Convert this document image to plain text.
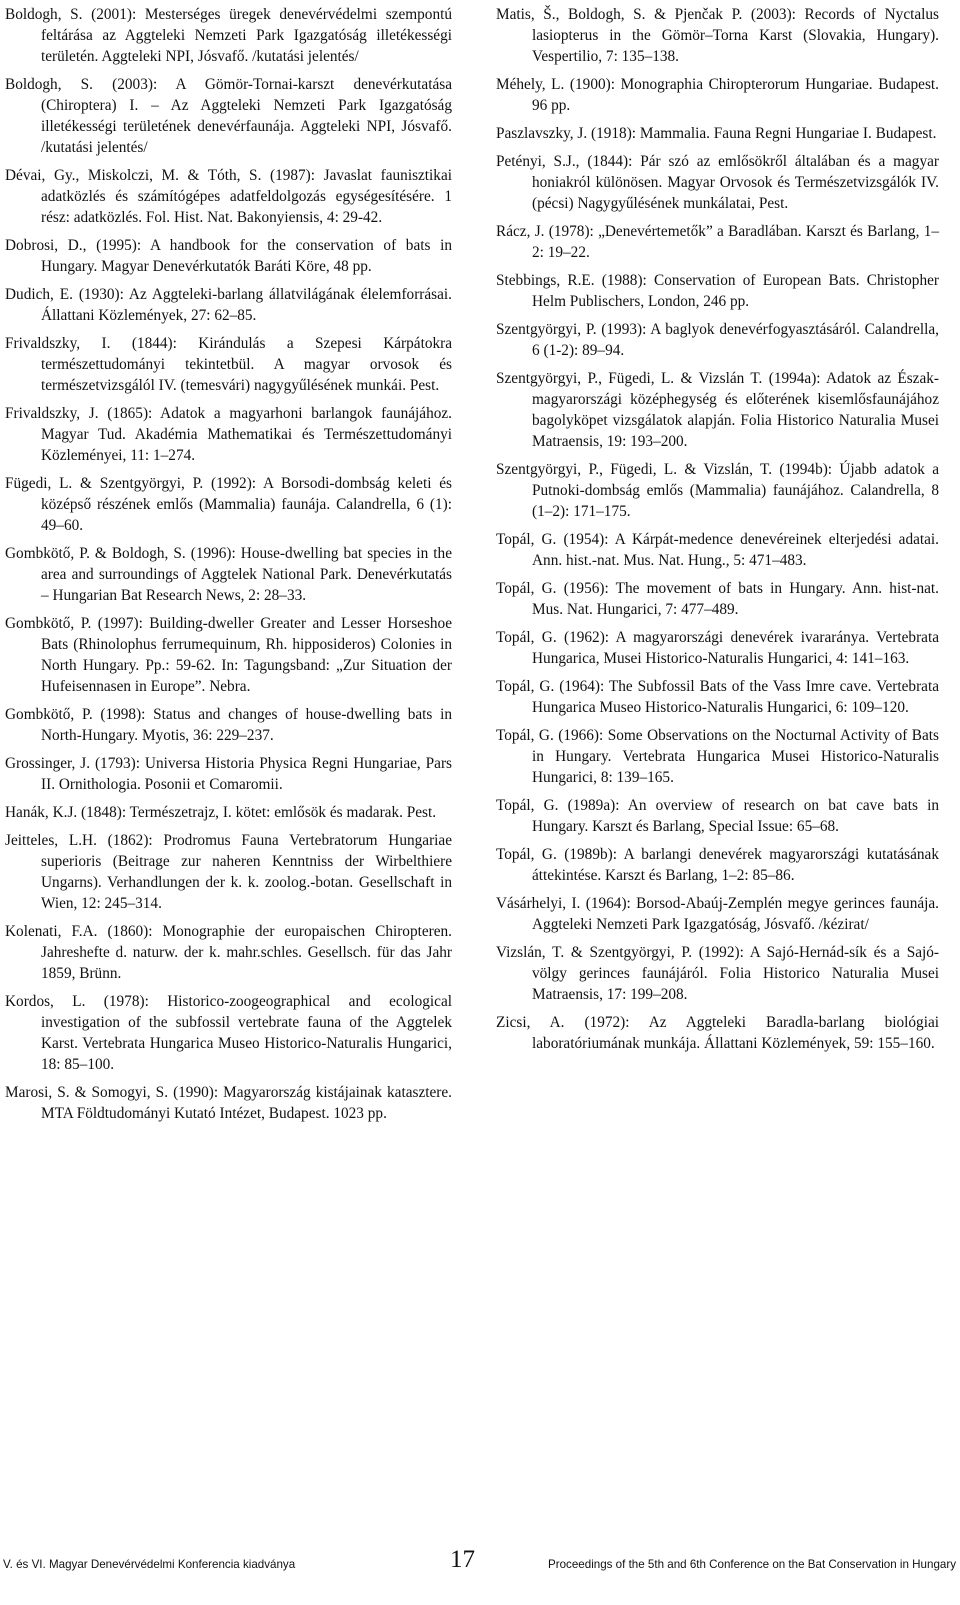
Boldogh, S. (2001): Mesterséges üregek denevérvédelmi szempontú feltárása az Aggteleki Nemzeti Park Igazgatóság illetékességi területén. Aggteleki NPI, Jósvafő. /kutatási jelentés/

Boldogh, S. (2003): A Gömör-Tornai-karszt denevérkutatása (Chiroptera) I. – Az Aggteleki Nemzeti Park Igazgatóság illetékességi területének denevérfaunája. Aggteleki NPI, Jósvafő. /kutatási jelentés/

Dévai, Gy., Miskolczi, M. & Tóth, S. (1987): Javaslat faunisztikai adatközlés és számítógépes adatfeldolgozás egységesítésére. 1 rész: adatközlés. Fol. Hist. Nat. Bakonyiensis, 4: 29-42.

Dobrosi, D., (1995): A handbook for the conservation of bats in Hungary. Magyar Denevérkutatók Baráti Köre, 48 pp.

Dudich, E. (1930): Az Aggteleki-barlang állatvilágának élelemforrásai. Állattani Közlemények, 27: 62–85.

Frivaldszky, I. (1844): Kirándulás a Szepesi Kárpátokra természettudományi tekintetbül. A magyar orvosok és természetvizsgálól IV. (temesvári) nagygyűlésének munkái. Pest.

Frivaldszky, J. (1865): Adatok a magyarhoni barlangok faunájához. Magyar Tud. Akadémia Mathematikai és Természettudományi Közleményei, 11: 1–274.

Fügedi, L. & Szentgyörgyi, P. (1992): A Borsodi-dombság keleti és középső részének emlős (Mammalia) faunája. Calandrella, 6 (1): 49–60.

Gombkötő, P. & Boldogh, S. (1996): House-dwelling bat species in the area and surroundings of Aggtelek National Park. Denevérkutatás – Hungarian Bat Research News, 2: 28–33.

Gombkötő, P. (1997): Building-dweller Greater and Lesser Horseshoe Bats (Rhinolophus ferrumequinum, Rh. hipposideros) Colonies in North Hungary. Pp.: 59-62. In: Tagungsband: „Zur Situation der Hufeisennasen in Europe”. Nebra.

Gombkötő, P. (1998): Status and changes of house-dwelling bats in North-Hungary. Myotis, 36: 229–237.

Grossinger, J. (1793): Universa Historia Physica Regni Hungariae, Pars II. Ornithologia. Posonii et Comaromii.

Hanák, K.J. (1848): Természetrajz, I. kötet: emlősök és madarak. Pest.

Jeitteles, L.H. (1862): Prodromus Fauna Vertebratorum Hungariae superioris (Beitrage zur naheren Kenntniss der Wirbelthiere Ungarns). Verhandlungen der k. k. zoolog.-botan. Gesellschaft in Wien, 12: 245–314.

Kolenati, F.A. (1860): Monographie der europaischen Chiropteren. Jahreshefte d. naturw. der k. mahr.schles. Gesellsch. für das Jahr 1859, Brünn.

Kordos, L. (1978): Historico-zoogeographical and ecological investigation of the subfossil vertebrate fauna of the Aggtelek Karst. Vertebrata Hungarica Museo Historico-Naturalis Hungarici, 18: 85–100.

Marosi, S. & Somogyi, S. (1990): Magyarország kistájainak katasztere. MTA Földtudományi Kutató Intézet, Budapest. 1023 pp.

Matis, Š., Boldogh, S. & Pjenčak P. (2003): Records of Nyctalus lasiopterus in the Gömör–Torna Karst (Slovakia, Hungary). Vespertilio, 7: 135–138.

Méhely, L. (1900): Monographia Chiropterorum Hungariae. Budapest. 96 pp.

Paszlavszky, J. (1918): Mammalia. Fauna Regni Hungariae I. Budapest.

Petényi, S.J., (1844): Pár szó az emlősökről általában és a magyar honiakról különösen. Magyar Orvosok és Természetvizsgálók IV. (pécsi) Nagygyűlésének munkálatai, Pest.

Rácz, J. (1978): „Denevértemetők” a Baradlában. Karszt és Barlang, 1–2: 19–22.

Stebbings, R.E. (1988): Conservation of European Bats. Christopher Helm Publischers, London, 246 pp.

Szentgyörgyi, P. (1993): A baglyok denevérfogyasztásáról. Calandrella, 6 (1-2): 89–94.

Szentgyörgyi, P., Fügedi, L. & Vizslán T. (1994a): Adatok az Észak-magyarországi középhegység és előterének kisemlősfaunájához bagolyköpet vizsgálatok alapján. Folia Historico Naturalia Musei Matraensis, 19: 193–200.

Szentgyörgyi, P., Fügedi, L. & Vizslán, T. (1994b): Újabb adatok a Putnoki-dombság emlős (Mammalia) faunájához. Calandrella, 8 (1–2): 171–175.

Topál, G. (1954): A Kárpát-medence denevéreinek elterjedési adatai. Ann. hist.-nat. Mus. Nat. Hung., 5: 471–483.

Topál, G. (1956): The movement of bats in Hungary. Ann. hist-nat. Mus. Nat. Hungarici, 7: 477–489.

Topál, G. (1962): A magyarországi denevérek ivararánya. Vertebrata Hungarica, Musei Historico-Naturalis Hungarici, 4: 141–163.

Topál, G. (1964): The Subfossil Bats of the Vass Imre cave. Vertebrata Hungarica Museo Historico-Naturalis Hungarici, 6: 109–120.

Topál, G. (1966): Some Observations on the Nocturnal Activity of Bats in Hungary. Vertebrata Hungarica Musei Historico-Naturalis Hungarici, 8: 139–165.

Topál, G. (1989a): An overview of research on bat cave bats in Hungary. Karszt és Barlang, Special Issue: 65–68.

Topál, G. (1989b): A barlangi denevérek magyarországi kutatásának áttekintése. Karszt és Barlang, 1–2: 85–86.

Vásárhelyi, I. (1964): Borsod-Abaúj-Zemplén megye gerinces faunája. Aggteleki Nemzeti Park Igazgatóság, Jósvafő. /kézirat/

Vizslán, T. & Szentgyörgyi, P. (1992): A Sajó-Hernád-sík és a Sajó-völgy gerinces faunájáról. Folia Historico Naturalia Musei Matraensis, 17: 199–208.

Zicsi, A. (1972): Az Aggteleki Baradla-barlang biológiai laboratóriumának munkája. Állattani Közlemények, 59: 155–160.

V. és VI. Magyar Denevérvédelmi Konferencia kiadványa	17	Proceedings of the 5th and 6th Conference on the Bat Conservation in Hungary
